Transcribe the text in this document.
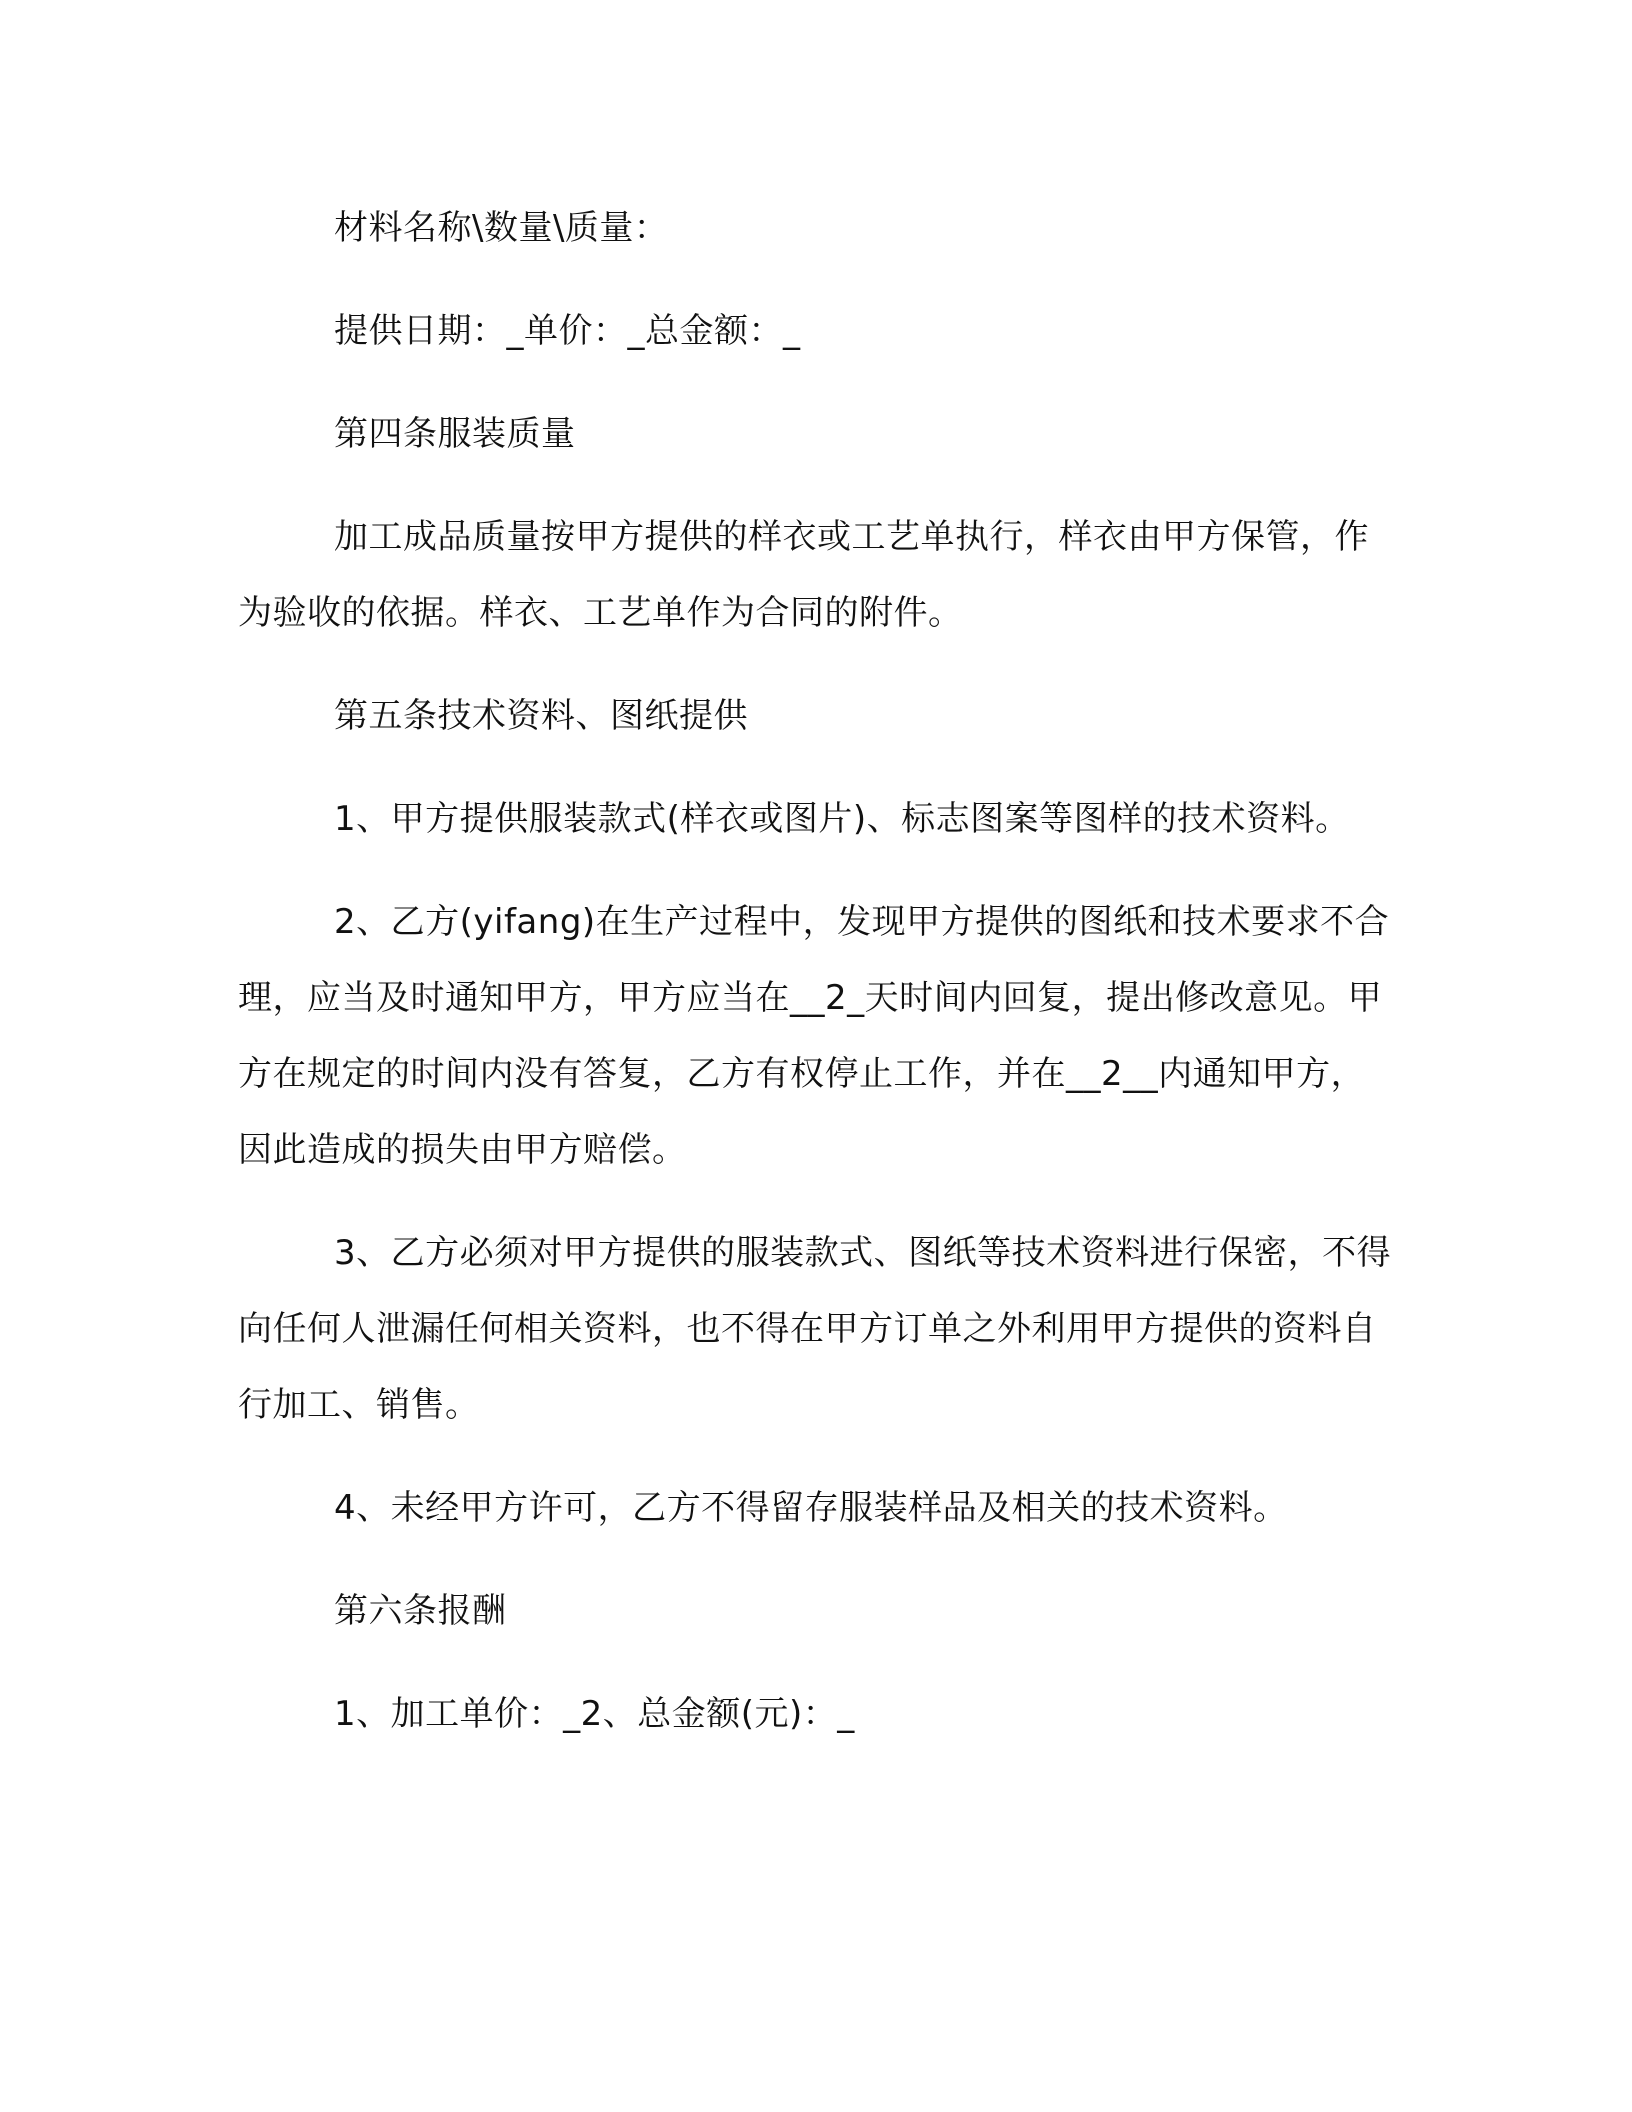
材料名称\数量\质量：

提供日期：_单价：_总金额：_

第四条服装质量

加工成品质量按甲方提供的样衣或工艺单执行，样衣由甲方保管，作为验收的依据。样衣、工艺单作为合同的附件。

第五条技术资料、图纸提供

1、甲方提供服装款式(样衣或图片)、标志图案等图样的技术资料。

2、乙方(yifang)在生产过程中，发现甲方提供的图纸和技术要求不合理，应当及时通知甲方，甲方应当在__2_天时间内回复，提出修改意见。甲方在规定的时间内没有答复，乙方有权停止工作，并在__2__内通知甲方，因此造成的损失由甲方赔偿。

3、乙方必须对甲方提供的服装款式、图纸等技术资料进行保密，不得向任何人泄漏任何相关资料，也不得在甲方订单之外利用甲方提供的资料自行加工、销售。

4、未经甲方许可，乙方不得留存服装样品及相关的技术资料。

第六条报酬

1、加工单价：_2、总金额(元)：_
